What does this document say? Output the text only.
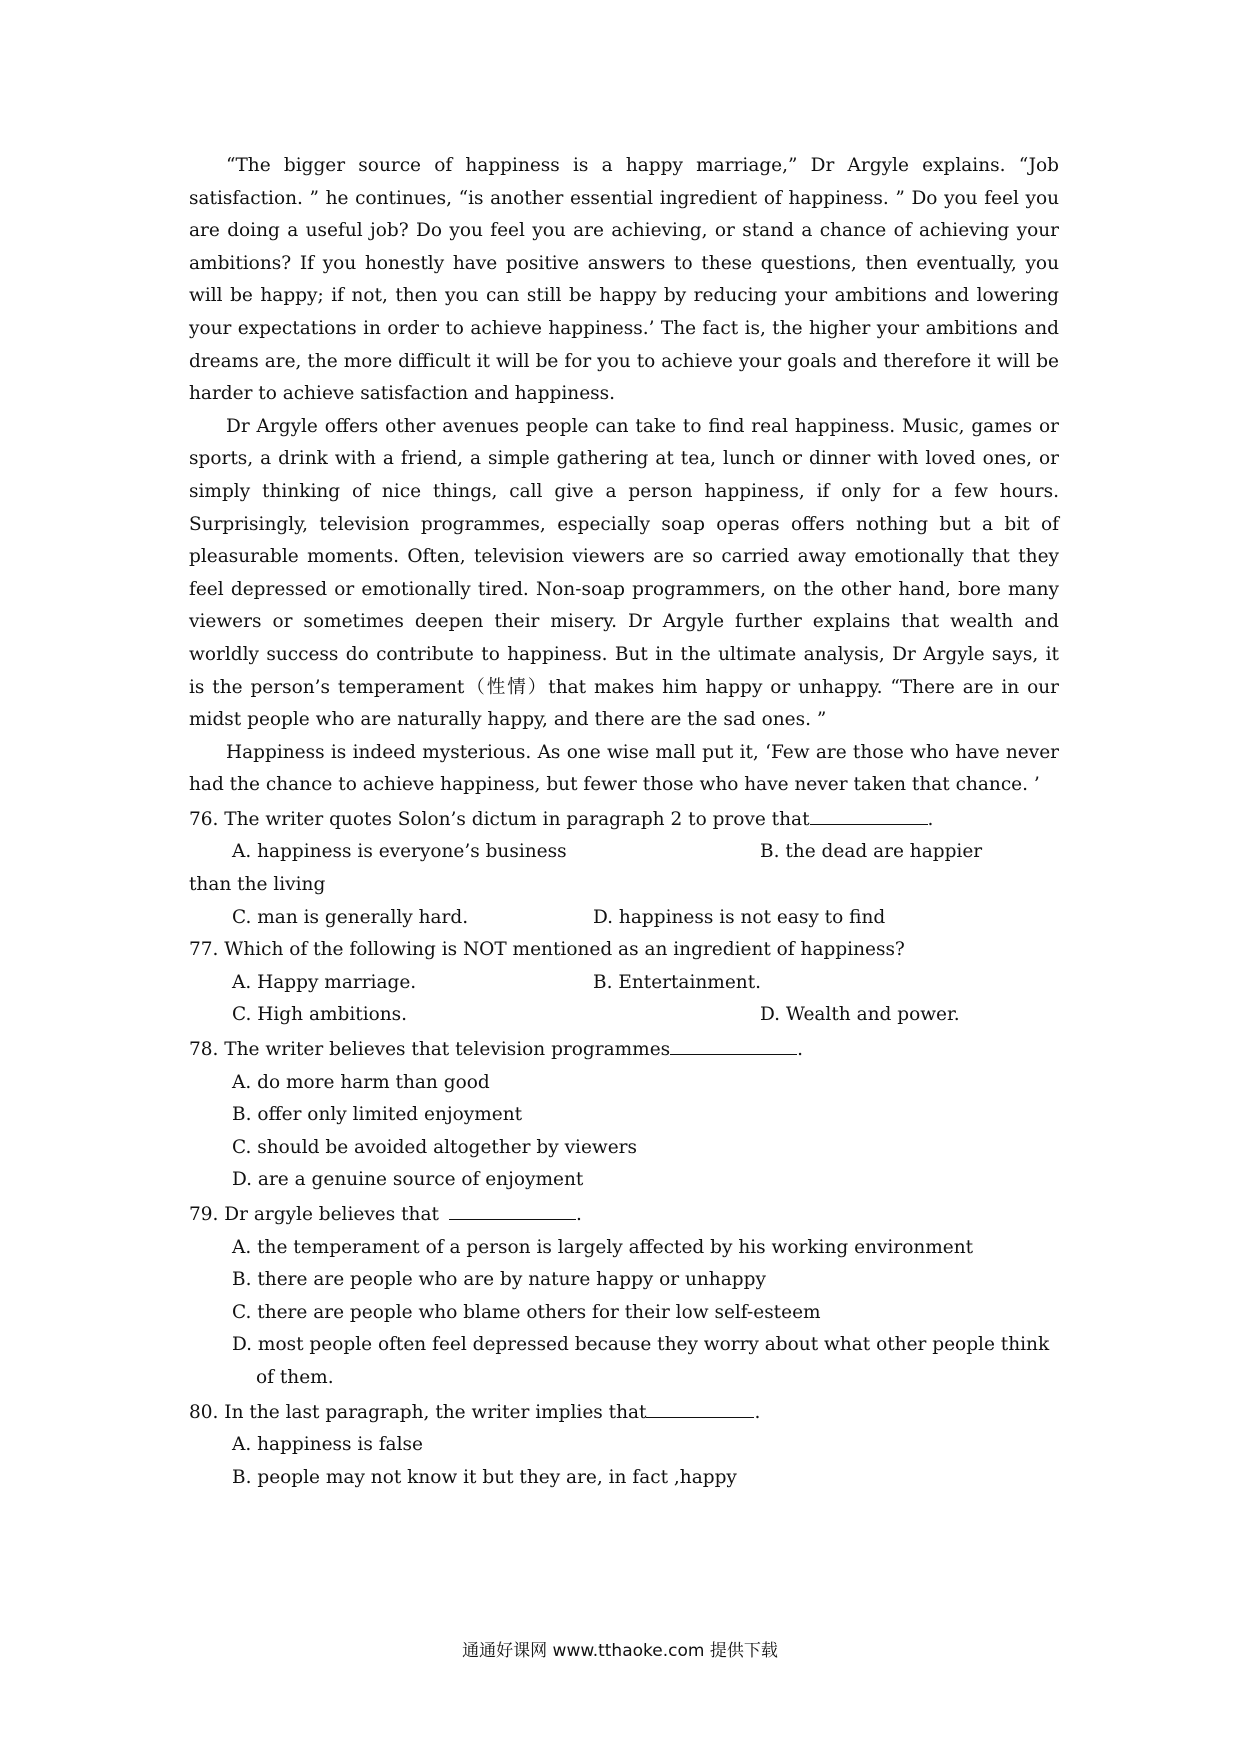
“The bigger source of happiness is a happy marriage,” Dr Argyle explains. “Job satisfaction. ” he continues, “is another essential ingredient of happiness. ” Do you feel you are doing a useful job? Do you feel you are achieving, or stand a chance of achieving your ambitions? If you honestly have positive answers to these questions, then eventually, you will be happy; if not, then you can still be happy by reducing your ambitions and lowering your expectations in order to achieve happiness.’ The fact is, the higher your ambitions and dreams are, the more difficult it will be for you to achieve your goals and therefore it will be harder to achieve satisfaction and happiness.

Dr Argyle offers other avenues people can take to find real happiness. Music, games or sports, a drink with a friend, a simple gathering at tea, lunch or dinner with loved ones, or simply thinking of nice things, call give a person happiness, if only for a few hours. Surprisingly, television programmes, especially soap operas offers nothing but a bit of pleasurable moments. Often, television viewers are so carried away emotionally that they feel depressed or emotionally tired. Non-soap programmers, on the other hand, bore many viewers or sometimes deepen their misery. Dr Argyle further explains that wealth and worldly success do contribute to happiness. But in the ultimate analysis, Dr Argyle says, it is the person’s temperament（性情）that makes him happy or unhappy. “There are in our midst people who are naturally happy, and there are the sad ones. ”

Happiness is indeed mysterious. As one wise mall put it, ‘Few are those who have never had the chance to achieve happiness, but fewer those who have never taken that chance. ’

76. The writer quotes Solon’s dictum in paragraph 2 to prove that	.

A. happiness is everyone’s business	B. the dead are happier

than the living

C. man is generally hard.	D. happiness is not easy to find

77. Which of the following is NOT mentioned as an ingredient of happiness?

A. Happy marriage.	B. Entertainment.
C. High ambitions.	D. Wealth and power.

78. The writer believes that television programmes	.

A. do more harm than good

B. offer only limited enjoyment

C. should be avoided altogether by viewers

D. are a genuine source of enjoyment

79. Dr argyle believes that	.

A. the temperament of a person is largely affected by his working environment

B. there are people who are by nature happy or unhappy

C. there are people who blame others for their low self-esteem

D. most people often feel depressed because they worry about what other people think of them.

80. In the last paragraph, the writer implies that	.

A. happiness is false

B. people may not know it but they are, in fact ,happy

通通好课网 www.tthaoke.com 提供下载
